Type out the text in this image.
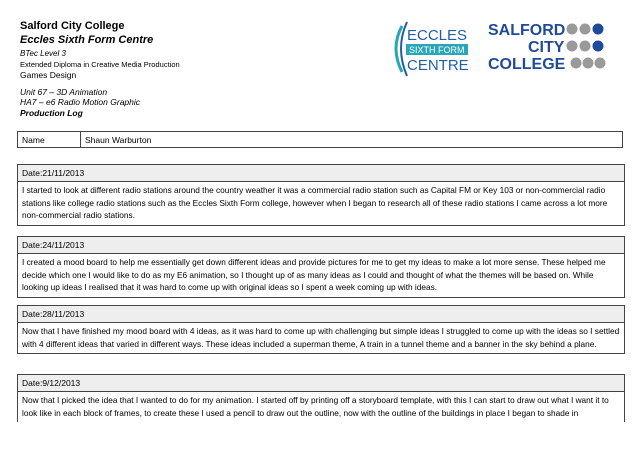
Salford City College
Eccles Sixth Form Centre
BTec Level 3
Extended Diploma in Creative Media Production
Games Design
Unit 67 – 3D Animation
HA7 – e6 Radio Motion Graphic
Production Log
ECCLES
SIXTH FORM
CENTRE
SALFORD
CITY
COLLEGE
Name	Shaun Warburton
Date:21/11/2013
I started to look at different radio stations around the country weather it was a commercial radio station such as Capital FM or Key 103 or non-commercial radio stations like college radio stations such as the Eccles Sixth Form college, however when I began to research all of these radio stations I came across a lot more non-commercial radio stations.
Date:24/11/2013
I created a mood board to help me essentially get down different ideas and provide pictures for me to get my ideas to make a lot more sense. These helped me decide which one I would like to do as my E6 animation, so I thought up of as many ideas as I could and thought of what the themes will be based on. While looking up ideas I realised that it was hard to come up with original ideas so I spent a week coming up with ideas.
Date:28/11/2013
Now that I have finished my mood board with 4 ideas, as it was hard to come up with challenging but simple ideas I struggled to come up with the ideas so I settled with 4 different ideas that varied in different ways. These ideas included a superman theme, A train in a tunnel theme and a banner in the sky behind a plane.
Date:9/12/2013
Now that I picked the idea that I wanted to do for my animation. I started off by printing off a storyboard template, with this I can start to draw out what I want it to look like in each block of frames, to create these I used a pencil to draw out the outline, now with the outline of the buildings in place I began to shade in
